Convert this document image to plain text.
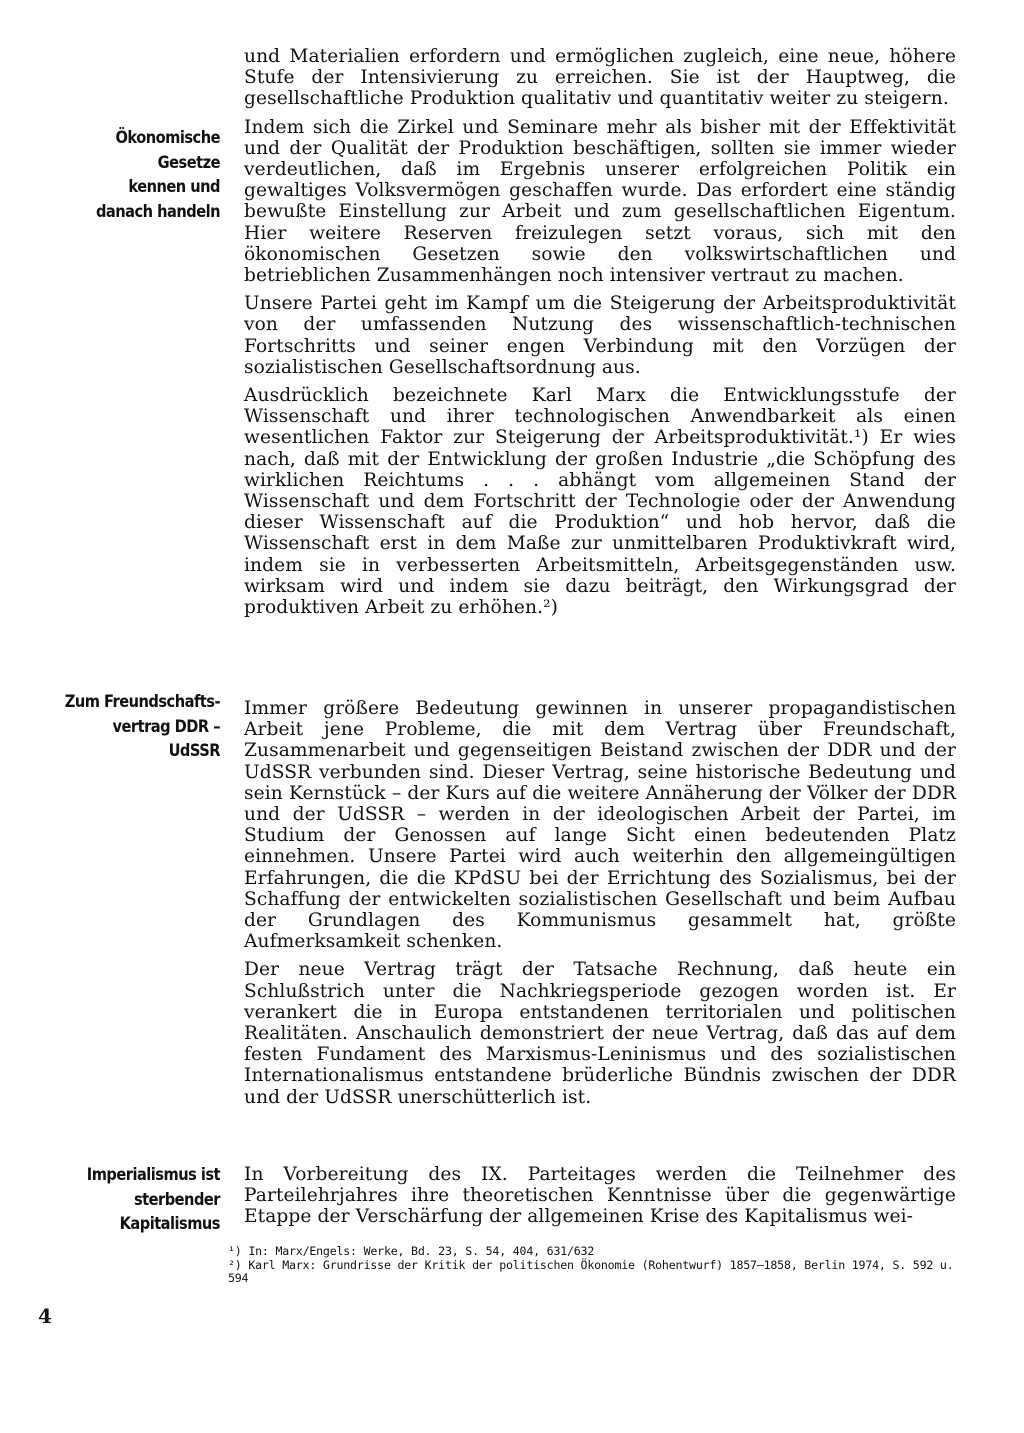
Ökonomische Gesetze
kennen und
danach handeln
Zum Freundschafts-
vertrag DDR – UdSSR
Imperialismus ist
sterbender
Kapitalismus

und Materialien erfordern und ermöglichen zugleich, eine neue, höhere Stufe der Intensivierung zu erreichen. Sie ist der Hauptweg, die gesellschaftliche Produktion qualitativ und quantitativ weiter zu steigern.

Indem sich die Zirkel und Seminare mehr als bisher mit der Effektivität und der Qualität der Produktion beschäftigen, sollten sie immer wieder verdeutlichen, daß im Ergebnis unserer erfolgreichen Politik ein gewaltiges Volksvermögen geschaffen wurde. Das erfordert eine ständig bewußte Einstellung zur Arbeit und zum gesellschaftlichen Eigentum. Hier weitere Reserven freizulegen setzt voraus, sich mit den ökonomischen Gesetzen sowie den volkswirtschaftlichen und betrieblichen Zusammenhängen noch intensiver vertraut zu machen.

Unsere Partei geht im Kampf um die Steigerung der Arbeitsproduktivität von der umfassenden Nutzung des wissenschaftlich-technischen Fortschritts und seiner engen Verbindung mit den Vorzügen der sozialistischen Gesellschaftsordnung aus.

Ausdrücklich bezeichnete Karl Marx die Entwicklungsstufe der Wissenschaft und ihrer technologischen Anwendbarkeit als einen wesentlichen Faktor zur Steigerung der Arbeitsproduktivität.¹) Er wies nach, daß mit der Entwicklung der großen Industrie „die Schöpfung des wirklichen Reichtums . . . abhängt vom allgemeinen Stand der Wissenschaft und dem Fortschritt der Technologie oder der Anwendung dieser Wissenschaft auf die Produktion“ und hob hervor, daß die Wissenschaft erst in dem Maße zur unmittelbaren Produktivkraft wird, indem sie in verbesserten Arbeitsmitteln, Arbeitsgegenständen usw. wirksam wird und indem sie dazu beiträgt, den Wirkungsgrad der produktiven Arbeit zu erhöhen.²)

Immer größere Bedeutung gewinnen in unserer propagandistischen Arbeit jene Probleme, die mit dem Vertrag über Freundschaft, Zusammenarbeit und gegenseitigen Beistand zwischen der DDR und der UdSSR verbunden sind. Dieser Vertrag, seine historische Bedeutung und sein Kernstück – der Kurs auf die weitere Annäherung der Völker der DDR und der UdSSR – werden in der ideologischen Arbeit der Partei, im Studium der Genossen auf lange Sicht einen bedeutenden Platz einnehmen. Unsere Partei wird auch weiterhin den allgemeingültigen Erfahrungen, die die KPdSU bei der Errichtung des Sozialismus, bei der Schaffung der entwickelten sozialistischen Gesellschaft und beim Aufbau der Grundlagen des Kommunismus gesammelt hat, größte Aufmerksamkeit schenken.

Der neue Vertrag trägt der Tatsache Rechnung, daß heute ein Schlußstrich unter die Nachkriegsperiode gezogen worden ist. Er verankert die in Europa entstandenen territorialen und politischen Realitäten. Anschaulich demonstriert der neue Vertrag, daß das auf dem festen Fundament des Marxismus-Leninismus und des sozialistischen Internationalismus entstandene brüderliche Bündnis zwischen der DDR und der UdSSR unerschütterlich ist.

In Vorbereitung des IX. Parteitages werden die Teilnehmer des Parteilehrjahres ihre theoretischen Kenntnisse über die gegenwärtige Etappe der Verschärfung der allgemeinen Krise des Kapitalismus wei-

¹) In: Marx/Engels: Werke, Bd. 23, S. 54, 404, 631/632
²) Karl Marx: Grundrisse der Kritik der politischen Ökonomie (Rohentwurf) 1857–1858, Berlin 1974, S. 592 u. 594
4
